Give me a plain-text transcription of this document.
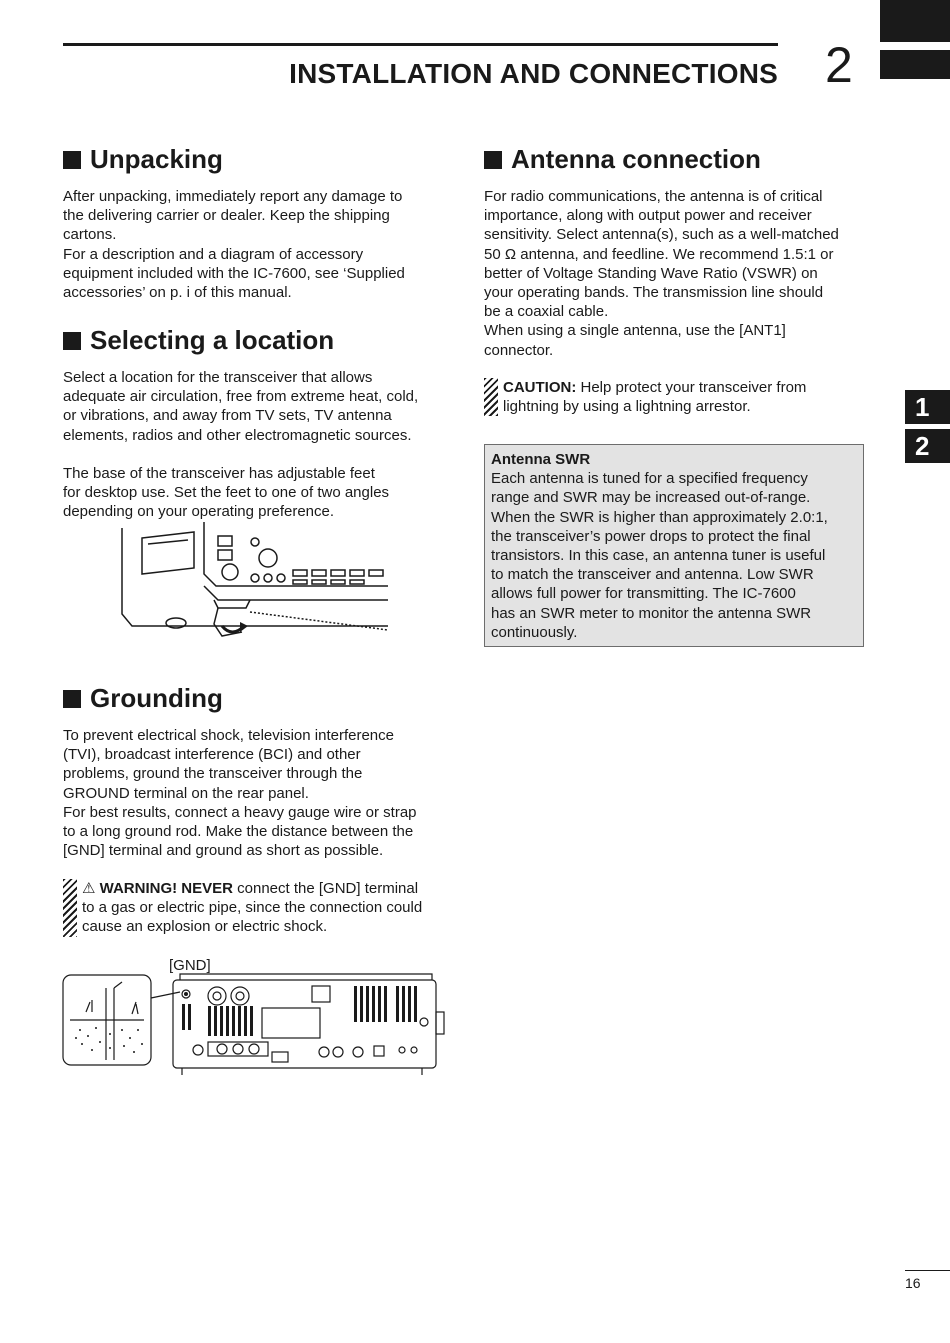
INSTALLATION AND CONNECTIONS 2
1
2
Unpacking
After unpacking, immediately report any damage to
the delivering carrier or dealer. Keep the shipping
cartons.
For a description and a diagram of accessory
equipment included with the IC-7600, see ‘Supplied
accessories’ on p. i of this manual.
Selecting a location
Select a location for the transceiver that allows
adequate air circulation, free from extreme heat, cold,
or vibrations, and away from TV sets, TV antenna
elements, radios and other electromagnetic sources.
The base of the transceiver has adjustable feet
for desktop use. Set the feet to one of two angles
depending on your operating preference.
Grounding
To prevent electrical shock, television interference
(TVI), broadcast interference (BCI) and other
problems, ground the transceiver through the
GROUND terminal on the rear panel.
For best results, connect a heavy gauge wire or strap
to a long ground rod. Make the distance between the
[GND] terminal and ground as short as possible.
⚠ WARNING! NEVER connect the [GND] terminal
to a gas or electric pipe, since the connection could
cause an explosion or electric shock.
[GND]
Antenna connection
For radio communications, the antenna is of critical
importance, along with output power and receiver
sensitivity. Select antenna(s), such as a well-matched
50 Ω antenna, and feedline. We recommend 1.5:1 or
better of Voltage Standing Wave Ratio (VSWR) on
your operating bands. The transmission line should
be a coaxial cable.
When using a single antenna, use the [ANT1]
connector.
CAUTION: Help protect your transceiver from
lightning by using a lightning arrestor.
Antenna SWR
Each antenna is tuned for a specified frequency
range and SWR may be increased out-of-range.
When the SWR is higher than approximately 2.0:1,
the transceiver’s power drops to protect the final
transistors. In this case, an antenna tuner is useful
to match the transceiver and antenna. Low SWR
allows full power for transmitting. The IC-7600
has an SWR meter to monitor the antenna SWR
continuously.
16
